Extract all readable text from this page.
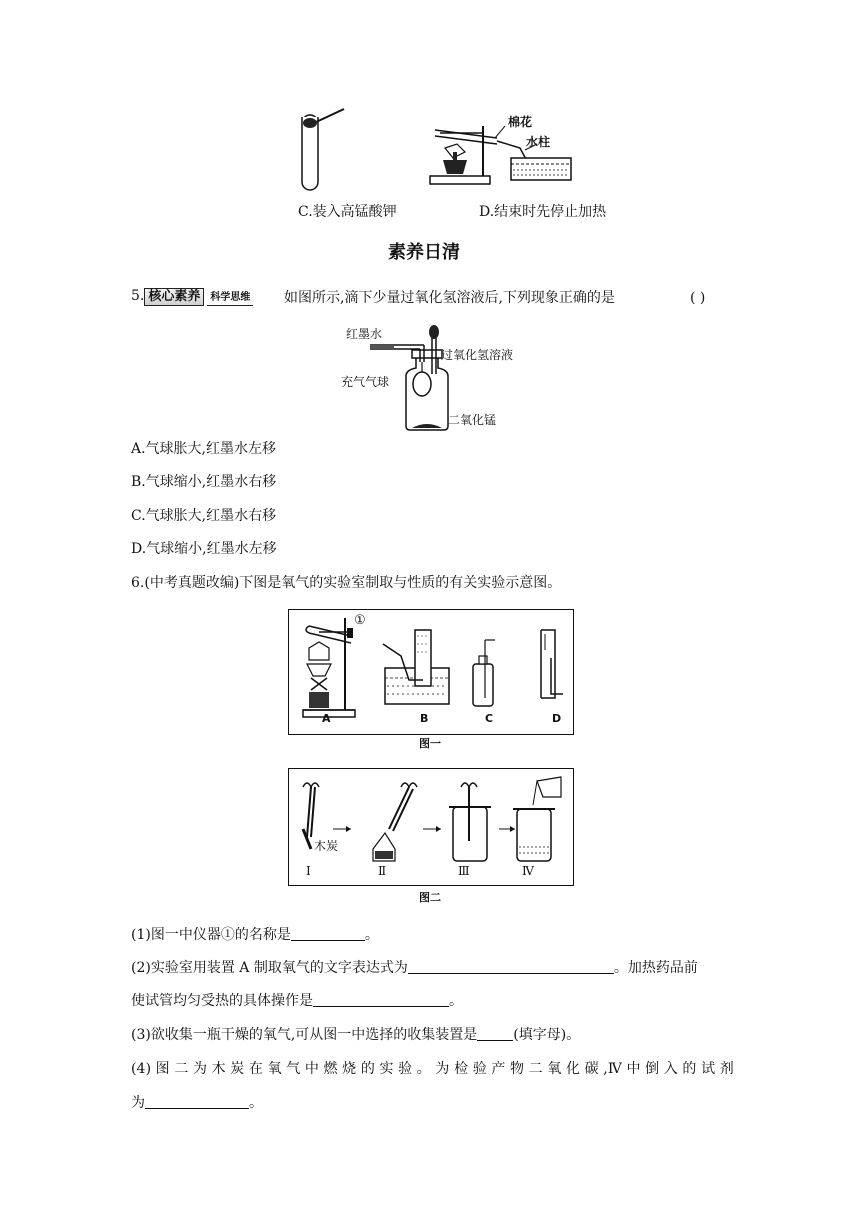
棉花
水柱
C.装入高锰酸钾	D.结束时先停止加热
素养日清
5. 核心素养 科学思维 如图所示,滴下少量过氧化氢溶液后,下列现象正确的是	( )
红墨水
过氧化氢溶液
充气气球
二氧化锰
A.气球胀大,红墨水左移
B.气球缩小,红墨水右移
C.气球胀大,红墨水右移
D.气球缩小,红墨水左移
6.(中考真题改编)下图是氧气的实验室制取与性质的有关实验示意图。
①
A	B	C	D
图一
木炭
Ⅰ	Ⅱ	Ⅲ	Ⅳ
图二
(1)图一中仪器①的名称是	。
(2)实验室用装置 A 制取氧气的文字表达式为	。加热药品前
使试管均匀受热的具体操作是	。
(3)欲收集一瓶干燥的氧气,可从图一中选择的收集装置是	(填字母)。
(4) 图 二 为 木 炭 在 氧 气 中 燃 烧 的 实 验 。 为 检 验 产 物 二 氧 化 碳 ,Ⅳ 中 倒 入 的 试 剂
为	。
